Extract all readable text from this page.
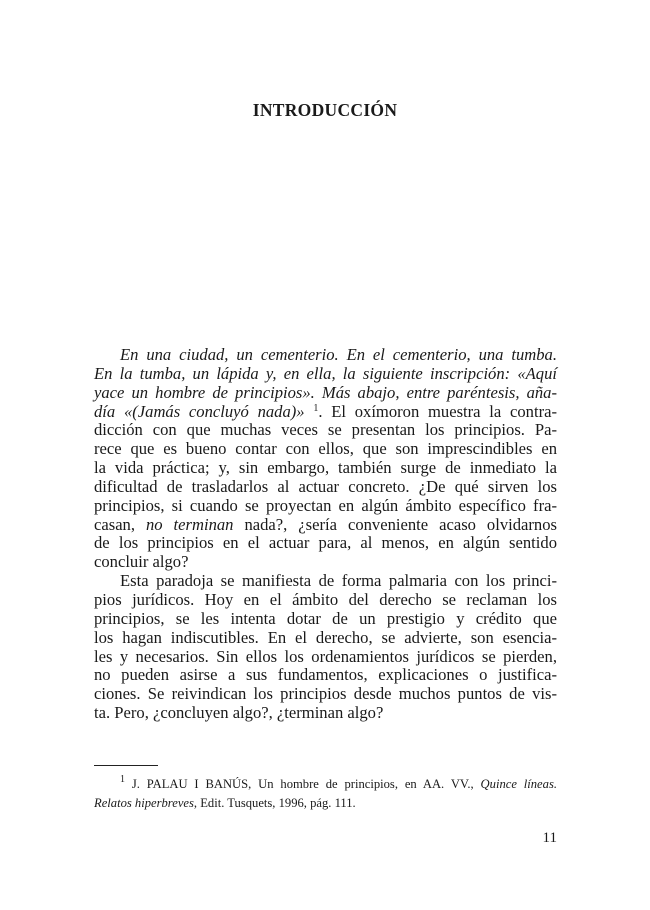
INTRODUCCIÓN
En una ciudad, un cementerio. En el cementerio, una tumba.
En la tumba, un lápida y, en ella, la siguiente inscripción: «Aquí
yace un hombre de principios». Más abajo, entre paréntesis, aña-
día «(Jamás concluyó nada)» $^1$. El oxímoron muestra la contra-
dicción con que muchas veces se presentan los principios. Pa-
rece que es bueno contar con ellos, que son imprescindibles en
la vida práctica; y, sin embargo, también surge de inmediato la
dificultad de trasladarlos al actuar concreto. ¿De qué sirven los
principios, si cuando se proyectan en algún ámbito específico fra-
casan, no terminan nada?, ¿sería conveniente acaso olvidarnos
de los principios en el actuar para, al menos, en algún sentido
concluir algo?
Esta paradoja se manifiesta de forma palmaria con los princi-
pios jurídicos. Hoy en el ámbito del derecho se reclaman los
principios, se les intenta dotar de un prestigio y crédito que
los hagan indiscutibles. En el derecho, se advierte, son esencia-
les y necesarios. Sin ellos los ordenamientos jurídicos se pierden,
no pueden asirse a sus fundamentos, explicaciones o justifica-
ciones. Se reivindican los principios desde muchos puntos de vis-
ta. Pero, ¿concluyen algo?, ¿terminan algo?
$^1$ J. PALAU I BANÚS, Un hombre de principios, en AA. VV., Quince líneas.
Relatos hiperbreves, Edit. Tusquets, 1996, pág. 111.
11
